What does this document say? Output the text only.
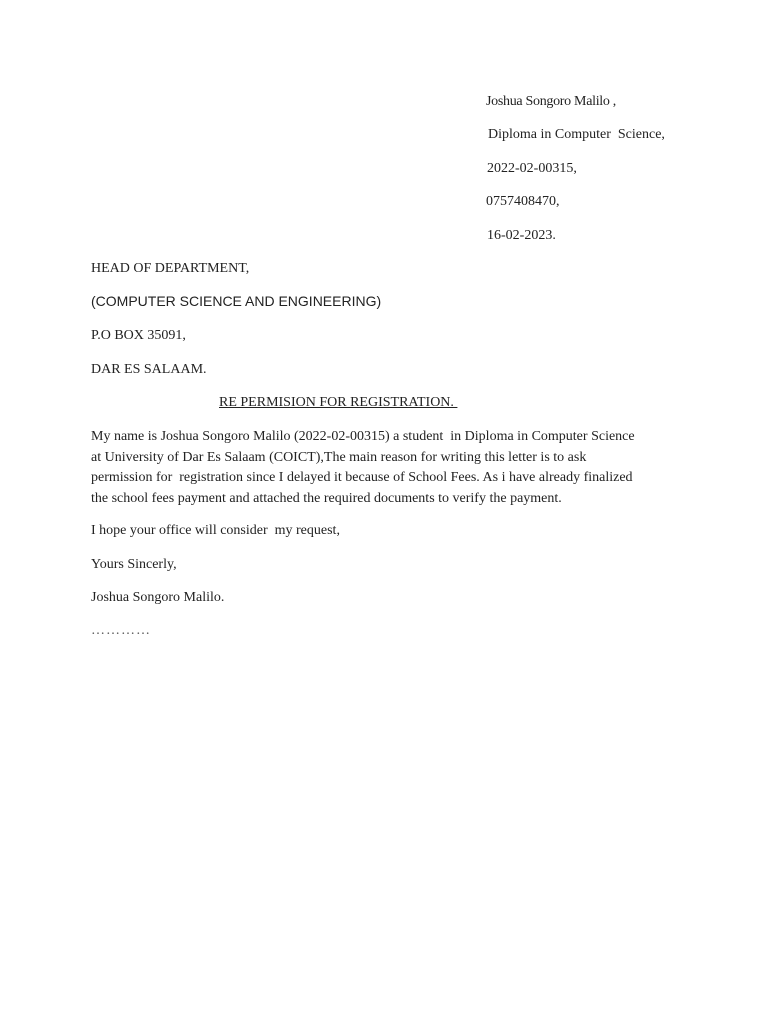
Joshua Songoro Malilo ,
Diploma in Computer  Science,
2022-02-00315,
0757408470,
16-02-2023.
HEAD OF DEPARTMENT,
(COMPUTER SCIENCE AND ENGINEERING)
P.O BOX 35091,
DAR ES SALAAM.
RE PERMISION FOR REGISTRATION.
My name is Joshua Songoro Malilo (2022-02-00315) a student  in Diploma in Computer Science
at University of Dar Es Salaam (COICT),The main reason for writing this letter is to ask
permission for  registration since I delayed it because of School Fees. As i have already finalized
the school fees payment and attached the required documents to verify the payment.
I hope your office will consider  my request,
Yours Sincerly,
Joshua Songoro Malilo.
…………
